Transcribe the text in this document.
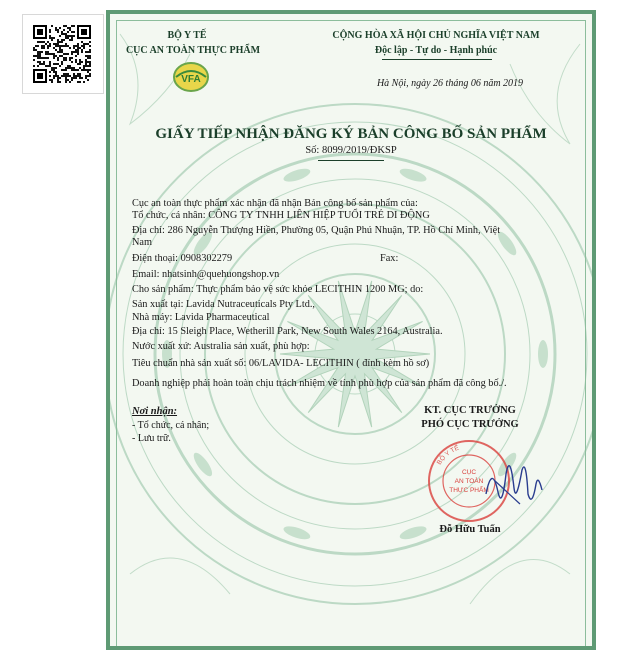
BỘ Y TẾ
CỤC AN TOÀN THỰC PHẨM
VFA
CỘNG HÒA XÃ HỘI CHỦ NGHĨA VIỆT NAM
Độc lập - Tự do - Hạnh phúc
Hà Nội, ngày 26 tháng 06 năm 2019
GIẤY TIẾP NHẬN ĐĂNG KÝ BẢN CÔNG BỐ SẢN PHẨM
Số: 8099/2019/ĐKSP
Cục an toàn thực phẩm xác nhận đã nhận Bản công bố sản phẩm của:
Tổ chức, cá nhân: CÔNG TY TNHH LIÊN HIỆP TUỔI TRẺ DI ĐỘNG
Địa chỉ: 286 Nguyễn Thượng Hiền, Phường 05, Quận Phú Nhuận, TP. Hồ Chí Minh, Việt
Nam
Điện thoại: 0908302279	Fax:
Email: nhatsinh@quehuongshop.vn
Cho sản phẩm: Thực phẩm bảo vệ sức khỏe LECITHIN 1200 MG; do:
Sản xuất tại: Lavida Nutraceuticals Pty Ltd.,
Nhà máy: Lavida Pharmaceutical
Địa chỉ: 15 Sleigh Place, Wetherill Park, New South Wales 2164, Australia.
Nước xuất xứ: Australia sản xuất, phù hợp:
Tiêu chuẩn nhà sản xuất số: 06/LAVIDA- LECITHIN ( đính kèm hồ sơ)
Doanh nghiệp phải hoàn toàn chịu trách nhiệm về tính phù hợp của sản phẩm đã công bố./.
Nơi nhận:
- Tổ chức, cá nhân;
- Lưu trữ.
KT. CỤC TRƯỞNG
PHÓ CỤC TRƯỞNG
BỘ Y TẾ
CỤC
AN TOÀN
THỰC PHẨM
Đỗ Hữu Tuấn
